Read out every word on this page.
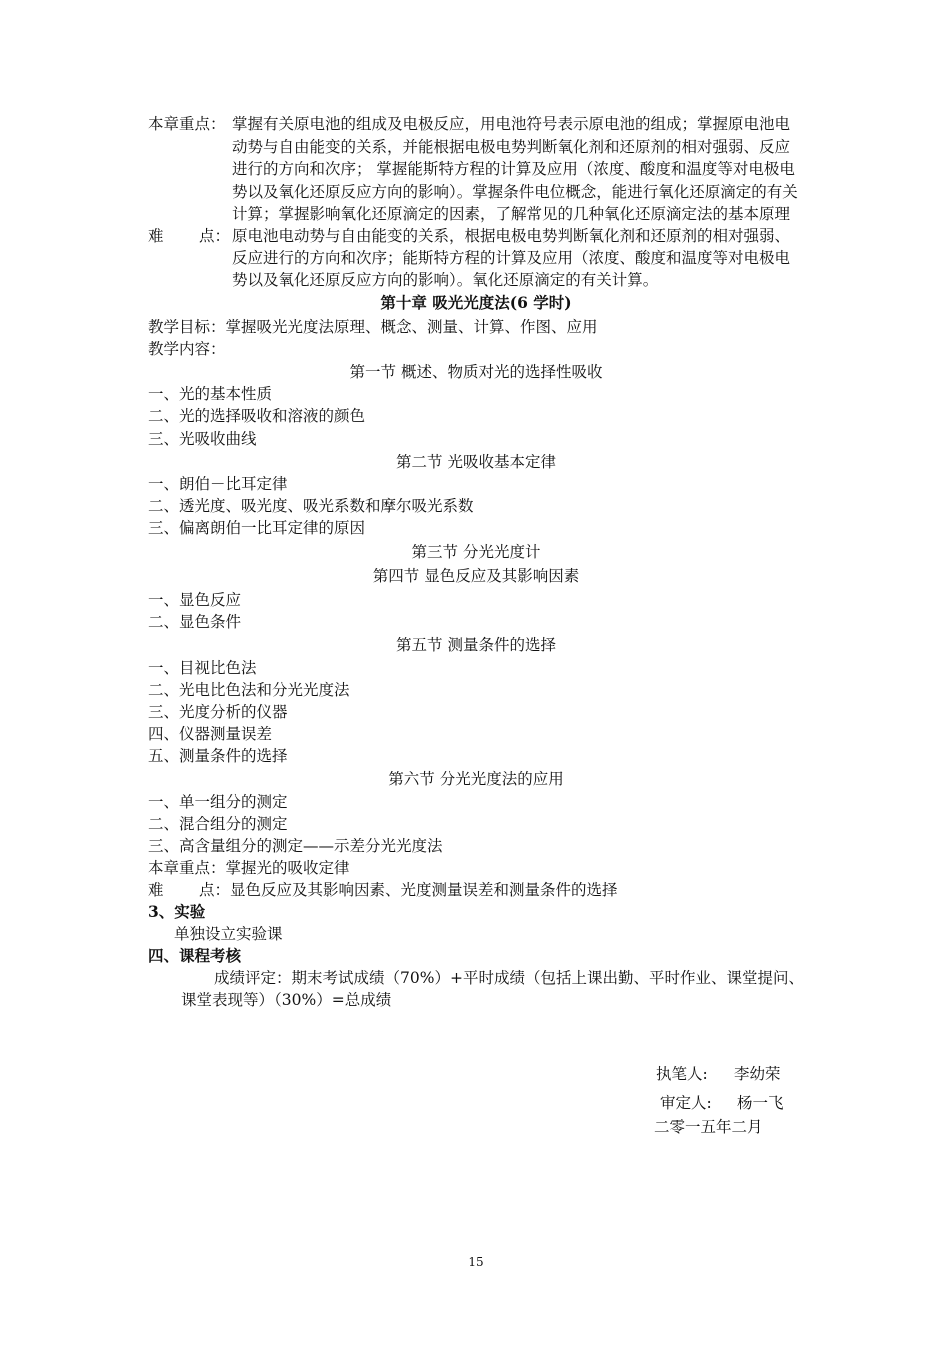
本章重点： 掌握有关原电池的组成及电极反应，用电池符号表示原电池的组成；掌握原电池电
动势与自由能变的关系，并能根据电极电势判断氧化剂和还原剂的相对强弱、反应
进行的方向和次序； 掌握能斯特方程的计算及应用（浓度、酸度和温度等对电极电
势以及氧化还原反应方向的影响）。掌握条件电位概念，能进行氧化还原滴定的有关
计算；掌握影响氧化还原滴定的因素，了解常见的几种氧化还原滴定法的基本原理
难 点： 原电池电动势与自由能变的关系，根据电极电势判断氧化剂和还原剂的相对强弱、
反应进行的方向和次序；能斯特方程的计算及应用（浓度、酸度和温度等对电极电
势以及氧化还原反应方向的影响）。氧化还原滴定的有关计算。
第十章 吸光光度法(6 学时)
教学目标：掌握吸光光度法原理、概念、测量、计算、作图、应用
教学内容：
第一节 概述、物质对光的选择性吸收
一、光的基本性质
二、光的选择吸收和溶液的颜色
三、光吸收曲线
第二节 光吸收基本定律
一、朗伯－比耳定律
二、透光度、吸光度、吸光系数和摩尔吸光系数
三、偏离朗伯一比耳定律的原因
第三节 分光光度计
第四节 显色反应及其影响因素
一、显色反应
二、显色条件
第五节 测量条件的选择
一、目视比色法
二、光电比色法和分光光度法
三、光度分析的仪器
四、仪器测量误差
五、测量条件的选择
第六节 分光光度法的应用
一、单一组分的测定
二、混合组分的测定
三、高含量组分的测定——示差分光光度法
本章重点：掌握光的吸收定律
难 点：显色反应及其影响因素、光度测量误差和测量条件的选择
3、实验
单独设立实验课
四、课程考核
成绩评定：期末考试成绩（70%）+平时成绩（包括上课出勤、平时作业、课堂提问、
课堂表现等）（30%）=总成绩
执笔人: 李幼荣
审定人: 杨一飞
二零一五年二月
15
